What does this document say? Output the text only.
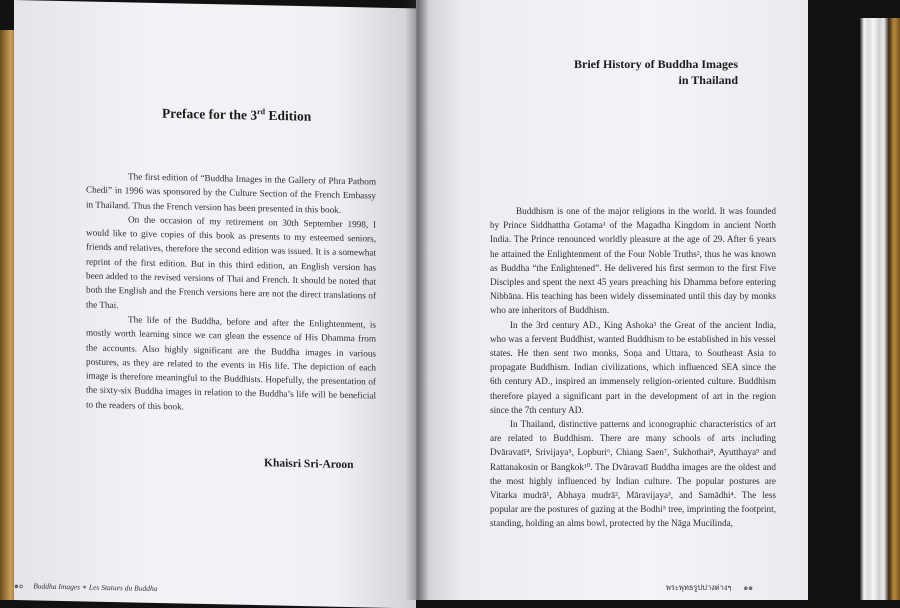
Preface for the 3rd Edition

The first edition of “Buddha Images in the Gallery of Phra Pathom Chedi” in 1996 was sponsored by the Culture Section of the French Embassy in Thailand. Thus the French version has been presented in this book.

On the occasion of my retirement on 30th September 1998, I would like to give copies of this book as presents to my esteemed seniors, friends and relatives, therefore the second edition was issued. It is a somewhat reprint of the first edition. But in this third edition, an English version has been added to the revised versions of Thai and French. It should be noted that both the English and the French versions here are not the direct translations of the Thai.

The life of the Buddha, before and after the Enlightenment, is mostly worth learning since we can glean the essence of His Dhamma from the accounts. Also highly significant are the Buddha images in various postures, as they are related to the events in His life. The depiction of each image is therefore meaningful to the Buddhists. Hopefully, the presentation of the sixty-six Buddha images in relation to the Buddha’s life will be beneficial to the readers of this book.

Khaisri Sri-Aroon
๑๐ Buddha Images ∗ Les Statues du Buddha
Brief History of Buddha Images
in Thailand

Buddhism is one of the major religions in the world. It was founded by Prince Siddhattha Gotama¹ of the Magadha Kingdom in ancient North India. The Prince renounced worldly pleasure at the age of 29. After 6 years he attained the Enlightenment of the Four Noble Truths², thus he was known as Buddha “the Enlightened”. He delivered his first sermon to the first Five Disciples and spent the next 45 years preaching his Dhamma before entering Nibbāna. His teaching has been widely disseminated until this day by monks who are inheritors of Buddhism.

In the 3rd century AD., King Ashoka³ the Great of the ancient India, who was a fervent Buddhist, wanted Buddhism to be established in his vessel states. He then sent two monks, Soṇa and Uttara, to Southeast Asia to propagate Buddhism. Indian civilizations, which influenced SEA since the 6th century AD., inspired an immensely religion-oriented culture. Buddhism therefore played a significant part in the development of art in the region since the 7th century AD.

In Thailand, distinctive patterns and iconographic characteristics of art are related to Buddhism. There are many schools of arts including Dvāravatī⁴, Srivijaya⁵, Lopburi⁶, Chiang Saen⁷, Sukhothai⁸, Ayutthaya⁹ and Rattanakosin or Bangkok¹⁰. The Dvāravatī Buddha images are the oldest and the most highly influenced by Indian culture. The popular postures are Vitarka mudrā¹, Abhaya mudrā², Māravijaya³, and Samādhi⁴. The less popular are the postures of gazing at the Bodhi⁵ tree, imprinting the footprint, standing, holding an alms bowl, protected by the Nāga Mucilinda,

พระพุทธรูปปางต่างๆ ๑๑
